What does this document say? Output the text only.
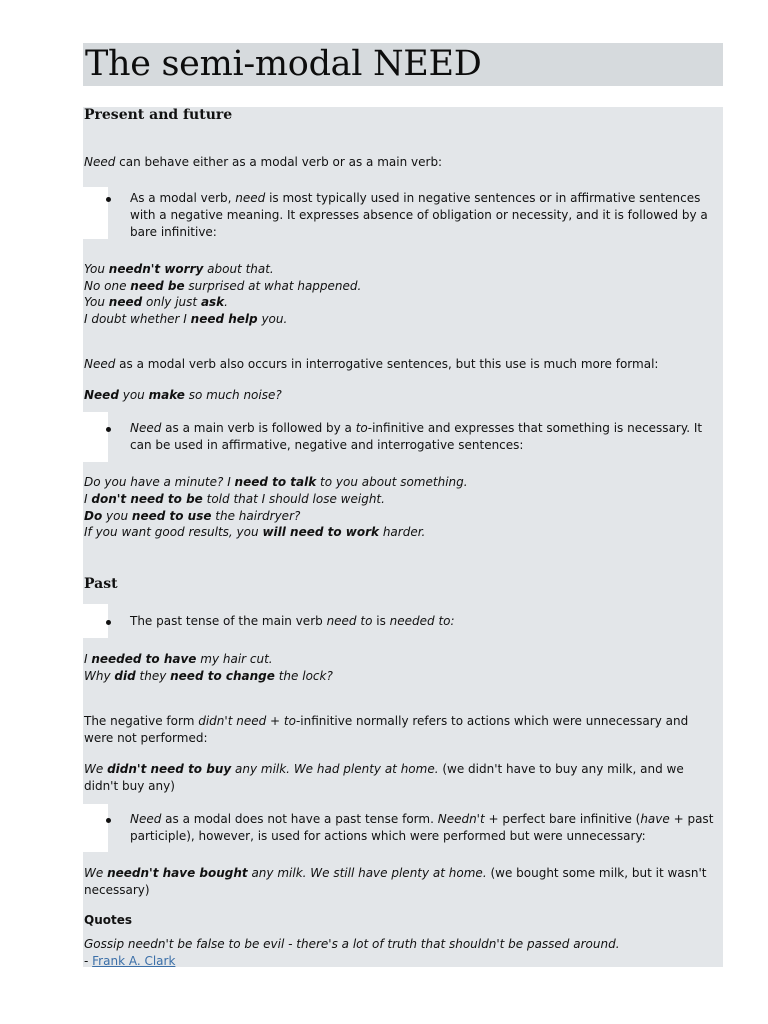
The semi-modal NEED
Present and future

Need can behave either as a modal verb or as a main verb:

As a modal verb, need is most typically used in negative sentences or in affirmative sentences with a negative meaning. It expresses absence of obligation or necessity, and it is followed by a bare infinitive:

You needn't worry about that.

No one need be surprised at what happened.

You need only just ask.

I doubt whether I need help you.

Need as a modal verb also occurs in interrogative sentences, but this use is much more formal:

Need you make so much noise?

Need as a main verb is followed by a to-infinitive and expresses that something is necessary. It can be used in affirmative, negative and interrogative sentences:

Do you have a minute? I need to talk to you about something.

I don't need to be told that I should lose weight.

Do you need to use the hairdryer?

If you want good results, you will need to work harder.

Past

The past tense of the main verb need to is needed to:

I needed to have my hair cut.

Why did they need to change the lock?

The negative form didn't need + to-infinitive normally refers to actions which were unnecessary and were not performed:

We didn't need to buy any milk. We had plenty at home. (we didn't have to buy any milk, and we didn't buy any)

Need as a modal does not have a past tense form. Needn't + perfect bare infinitive (have + past participle), however, is used for actions which were performed but were unnecessary:

We needn't have bought any milk. We still have plenty at home. (we bought some milk, but it wasn't necessary)

Quotes

Gossip needn't be false to be evil - there's a lot of truth that shouldn't be passed around.

- Frank A. Clark
